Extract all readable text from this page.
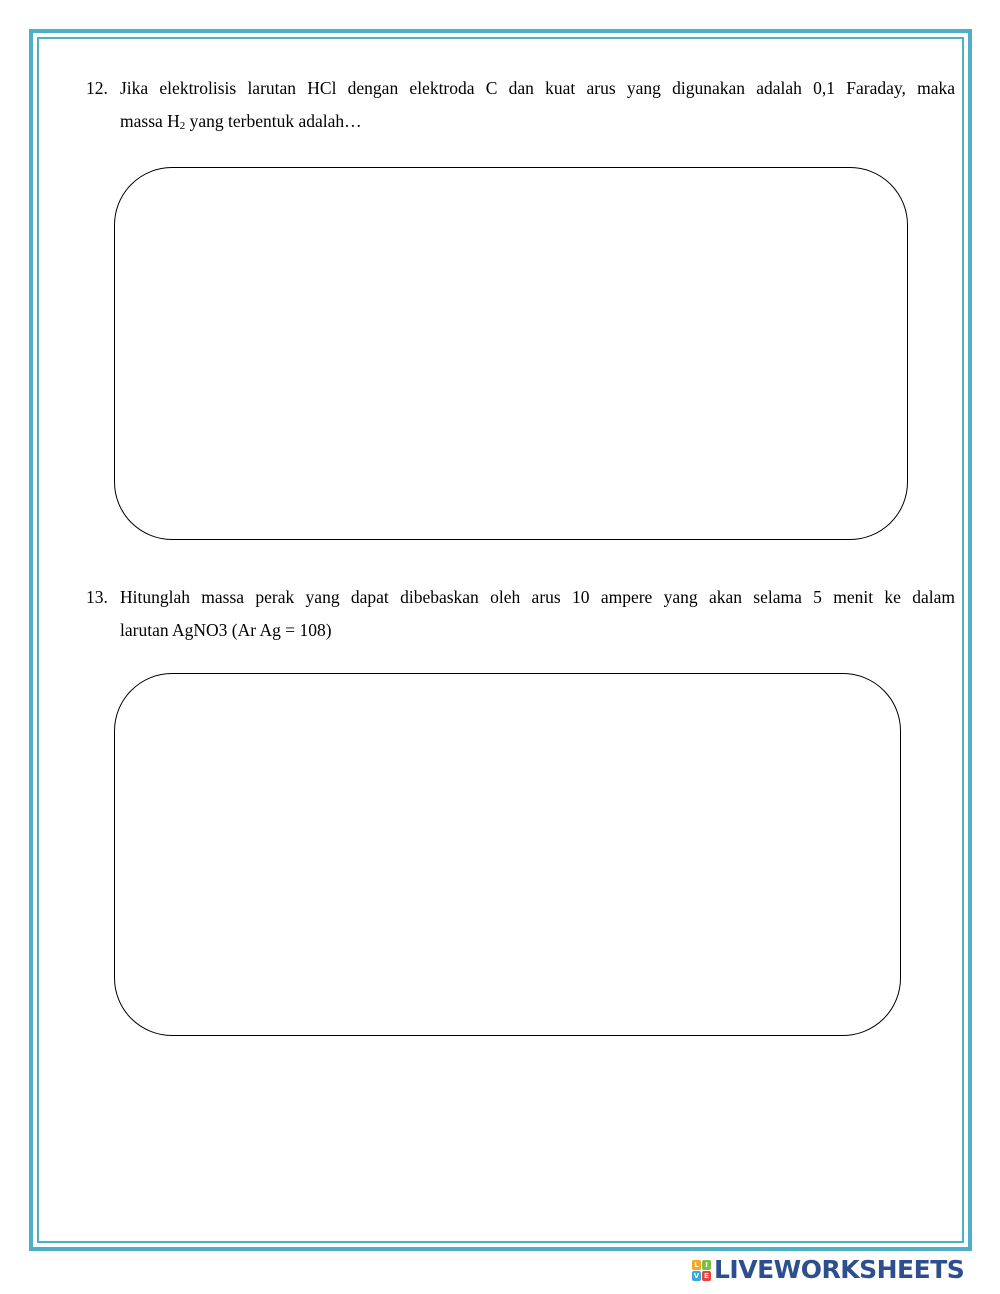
12. Jika elektrolisis larutan HCl dengan elektroda C dan kuat arus yang digunakan adalah 0,1 Faraday, maka
massa $H_2$ yang terbentuk adalah…
13. Hitunglah massa perak yang dapat dibebaskan oleh arus 10 ampere yang akan selama 5 menit ke dalam
larutan AgNO3 (Ar Ag = 108)
L I
V E LIVEWORKSHEETS
